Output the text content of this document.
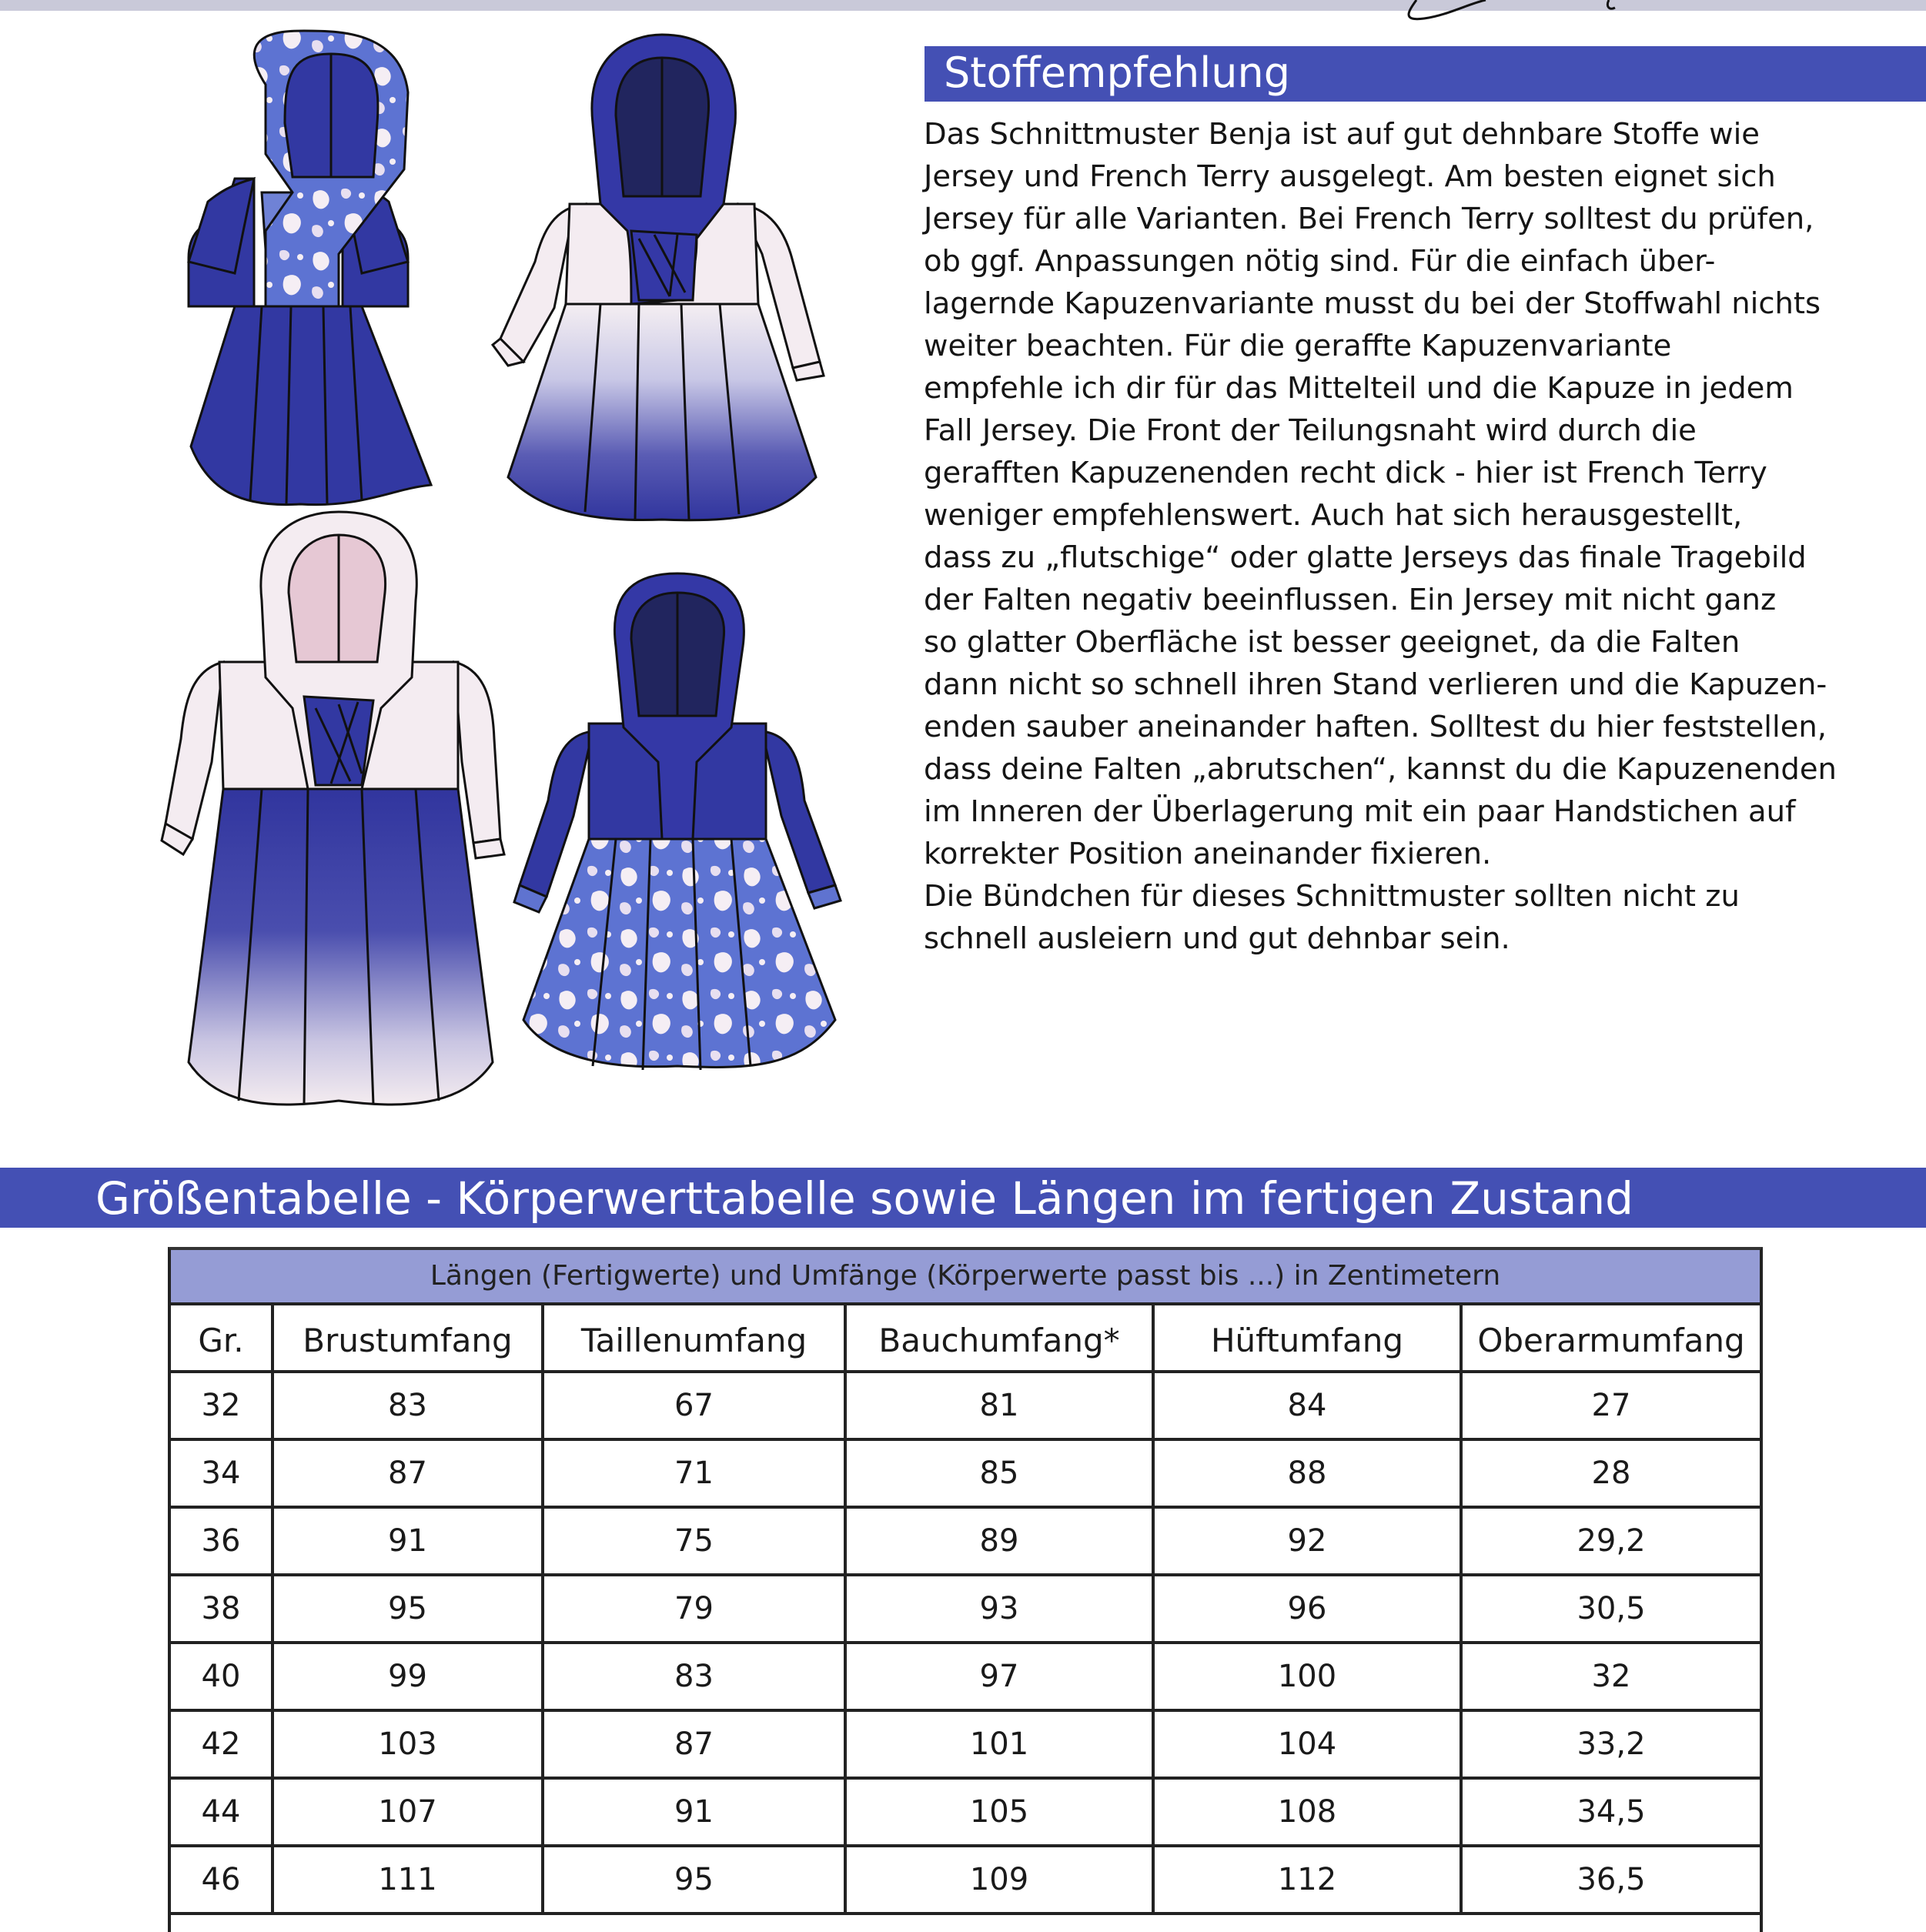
Stoffempfehlung
Das Schnittmuster Benja ist auf gut dehnbare Stoffe wie
Jersey und French Terry ausgelegt. Am besten eignet sich
Jersey für alle Varianten. Bei French Terry solltest du prüfen,
ob ggf. Anpassungen nötig sind. Für die einfach über-
lagernde Kapuzenvariante musst du bei der Stoffwahl nichts
weiter beachten. Für die geraffte Kapuzenvariante
empfehle ich dir für das Mittelteil und die Kapuze in jedem
Fall Jersey. Die Front der Teilungsnaht wird durch die
gerafften Kapuzenenden recht dick - hier ist French Terry
weniger empfehlenswert. Auch hat sich herausgestellt,
dass zu „flutschige“ oder glatte Jerseys das finale Tragebild
der Falten negativ beeinflussen. Ein Jersey mit nicht ganz
so glatter Oberfläche ist besser geeignet, da die Falten
dann nicht so schnell ihren Stand verlieren und die Kapuzen-
enden sauber aneinander haften. Solltest du hier feststellen,
dass deine Falten „abrutschen“, kannst du die Kapuzenenden
im Inneren der Überlagerung mit ein paar Handstichen auf
korrekter Position aneinander fixieren.
Die Bündchen für dieses Schnittmuster sollten nicht zu
schnell ausleiern und gut dehnbar sein.
Größentabelle - Körperwerttabelle sowie Längen im fertigen Zustand
Längen (Fertigwerte) und Umfänge (Körperwerte passt bis ...) in Zentimetern
Gr.	Brustumfang	Taillenumfang	Bauchumfang*	Hüftumfang	Oberarmumfang
32	83	67	81	84	27
34	87	71	85	88	28
36	91	75	89	92	29,2
38	95	79	93	96	30,5
40	99	83	97	100	32
42	103	87	101	104	33,2
44	107	91	105	108	34,5
46	111	95	109	112	36,5
